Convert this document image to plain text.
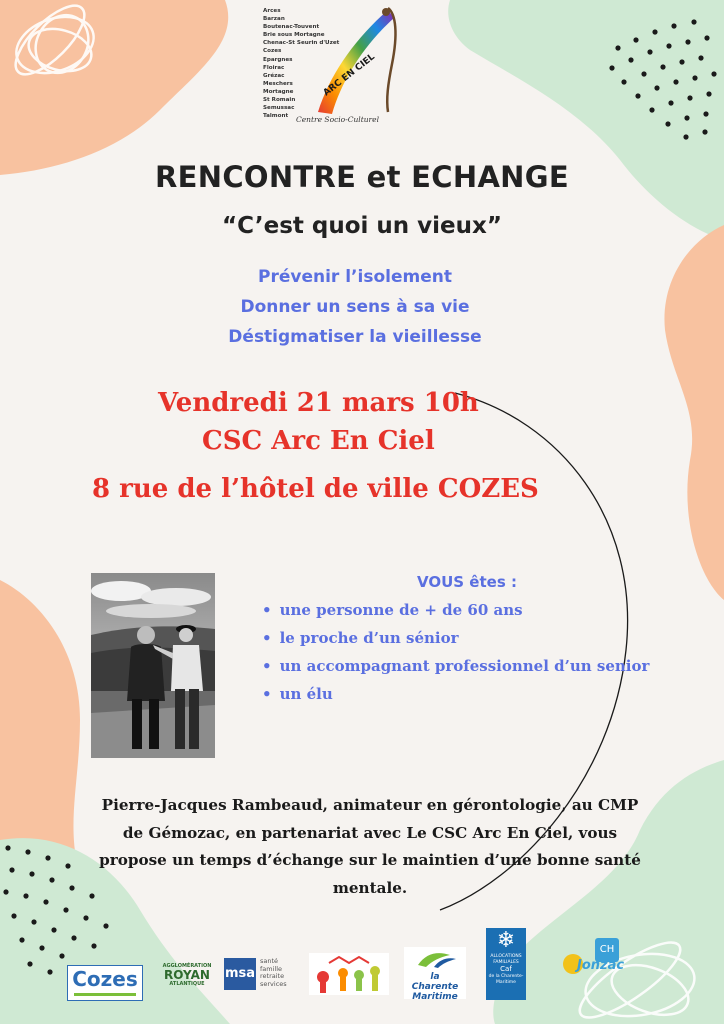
Arces
Barzan
Boutenac-Touvent
Brie sous Mortagne
Chenac-St Seurin d'Uzet
Cozes
Epargnes
Floirac
Grézac
Meschers
Mortagne
St Romain
Semussac
Talmont
ARC EN CIEL
Centre Socio-Culturel
RENCONTRE et ECHANGE
“C’est quoi un vieux”
Prévenir l’isolement
Donner un sens à sa vie
Déstigmatiser la vieillesse
Vendredi 21 mars 10h
CSC Arc En Ciel
8 rue de l’hôtel de ville COZES
VOUS êtes :
• une personne de + de 60 ans
• le proche d’un sénior
• un accompagnant professionnel d’un senior
• un élu
Pierre-Jacques Rambeaud, animateur en gérontologie, au CMP de Gémozac, en partenariat avec Le CSC Arc En Ciel, vous propose un temps d’échange sur le maintien d’une bonne santé mentale.
Cozes
AGGLOMÉRATION
ROYAN
ATLANTIQUE
msa
santé
famille
retraite
services
la
Charente
Maritime
❄
ALLOCATIONS
FAMILIALES
Caf
de la Charente-
Maritime
CH
Jonzac
